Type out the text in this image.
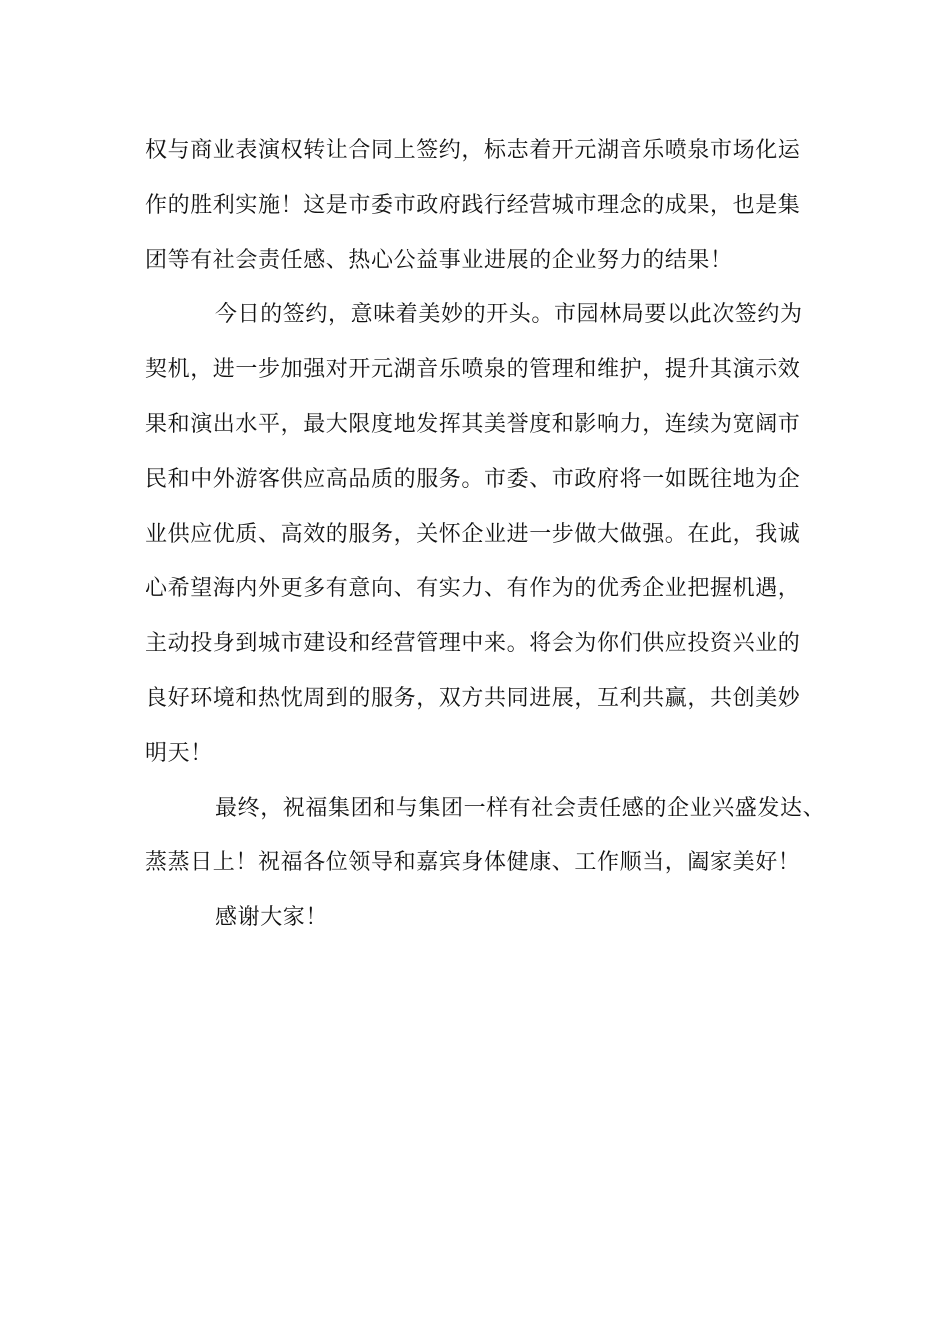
权与商业表演权转让合同上签约，标志着开元湖音乐喷泉市场化运
作的胜利实施！这是市委市政府践行经营城市理念的成果，也是集
团等有社会责任感、热心公益事业进展的企业努力的结果！
今日的签约，意味着美妙的开头。市园林局要以此次签约为
契机，进一步加强对开元湖音乐喷泉的管理和维护，提升其演示效
果和演出水平，最大限度地发挥其美誉度和影响力，连续为宽阔市
民和中外游客供应高品质的服务。市委、市政府将一如既往地为企
业供应优质、高效的服务，关怀企业进一步做大做强。在此，我诚
心希望海内外更多有意向、有实力、有作为的优秀企业把握机遇，
主动投身到城市建设和经营管理中来。将会为你们供应投资兴业的
良好环境和热忱周到的服务，双方共同进展，互利共赢，共创美妙
明天！
最终，祝福集团和与集团一样有社会责任感的企业兴盛发达、
蒸蒸日上！祝福各位领导和嘉宾身体健康、工作顺当，阖家美好！
感谢大家！
